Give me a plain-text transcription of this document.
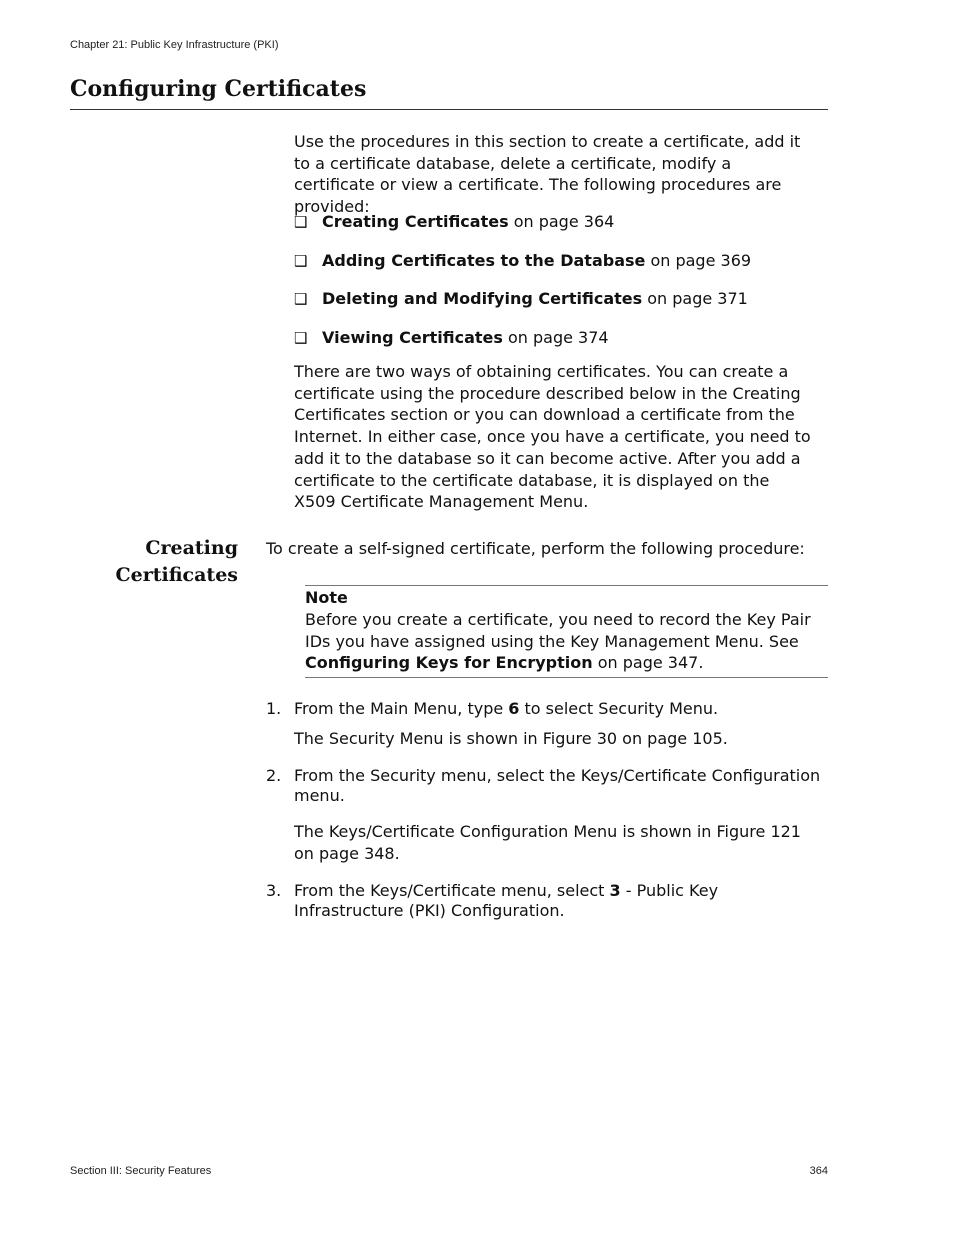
Chapter 21: Public Key Infrastructure (PKI)
Configuring Certificates
Use the procedures in this section to create a certificate, add it to a certificate database, delete a certificate, modify a certificate or view a certificate. The following procedures are provided:
❑ Creating Certificates on page 364
❑ Adding Certificates to the Database on page 369
❑ Deleting and Modifying Certificates on page 371
❑ Viewing Certificates on page 374
There are two ways of obtaining certificates. You can create a certificate using the procedure described below in the Creating Certificates section or you can download a certificate from the Internet. In either case, once you have a certificate, you need to add it to the database so it can become active. After you add a certificate to the certificate database, it is displayed on the X509 Certificate Management Menu.
Creating
Certificates
To create a self-signed certificate, perform the following procedure:
Note
Before you create a certificate, you need to record the Key Pair IDs you have assigned using the Key Management Menu. See Configuring Keys for Encryption on page 347.
1. From the Main Menu, type 6 to select Security Menu.
The Security Menu is shown in Figure 30 on page 105.
2. From the Security menu, select the Keys/Certificate Configuration menu.
The Keys/Certificate Configuration Menu is shown in Figure 121 on page 348.
3. From the Keys/Certificate menu, select 3 - Public Key Infrastructure (PKI) Configuration.
Section III: Security Features	364
